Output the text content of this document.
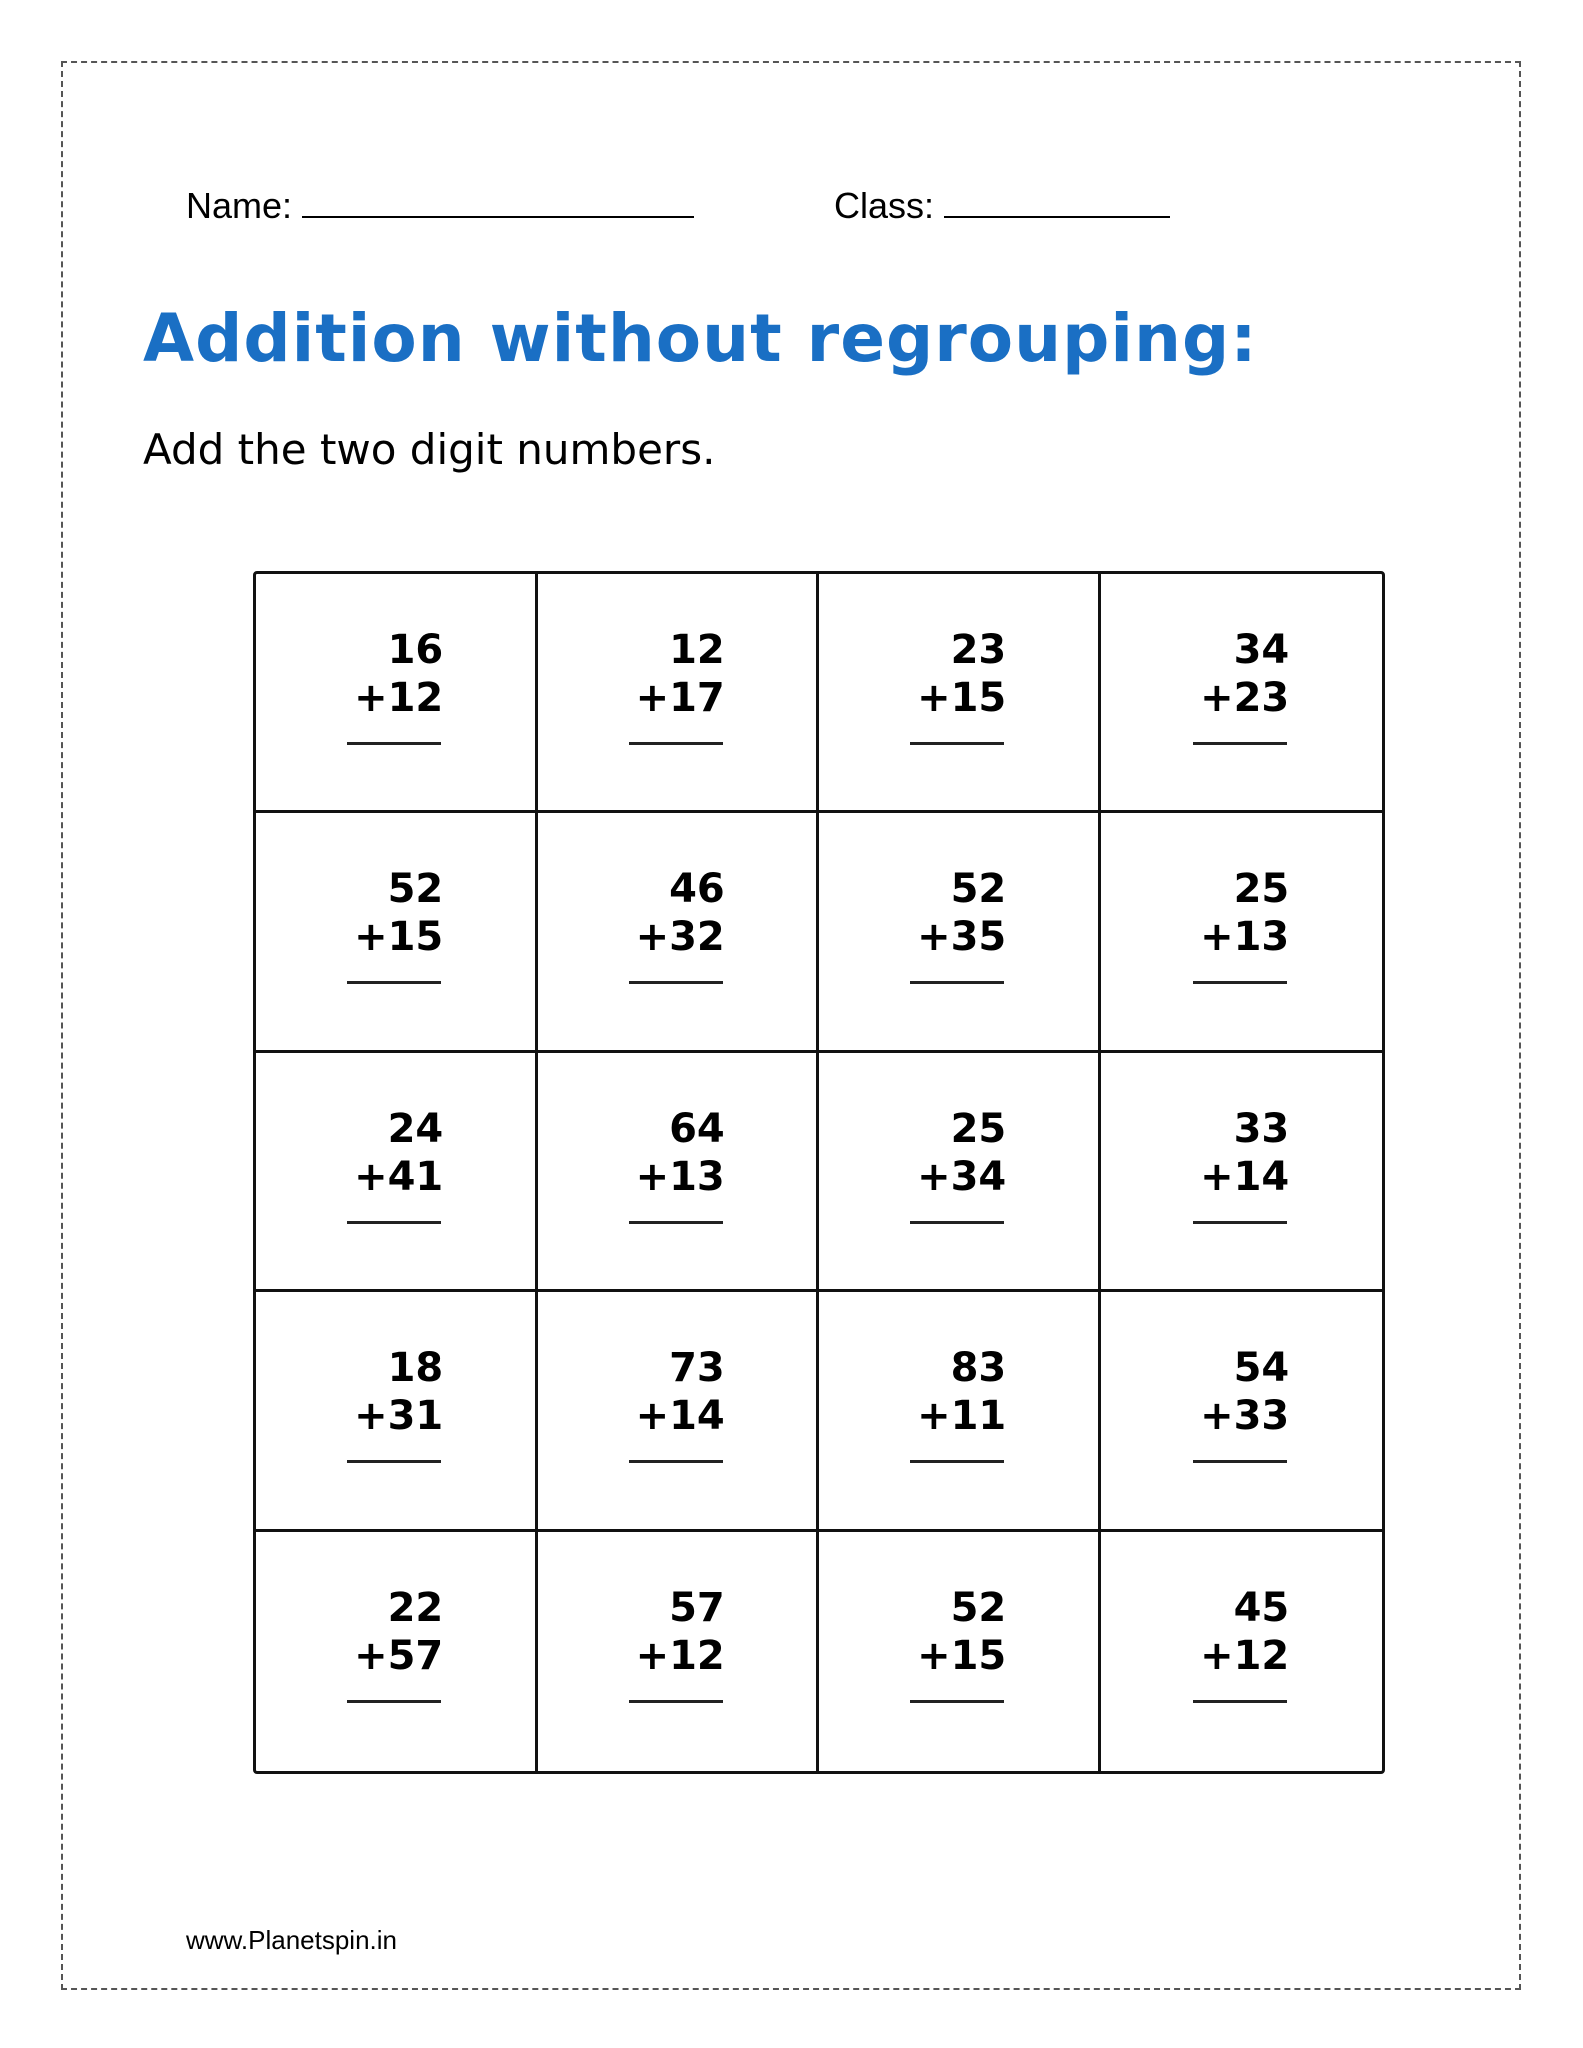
Name:	Class:
Addition without regrouping:

Add the two digit numbers.

16
+12
12
+17
23
+15
34
+23
52
+15
46
+32
52
+35
25
+13
24
+41
64
+13
25
+34
33
+14
18
+31
73
+14
83
+11
54
+33
22
+57
57
+12
52
+15
45
+12

www.Planetspin.in
